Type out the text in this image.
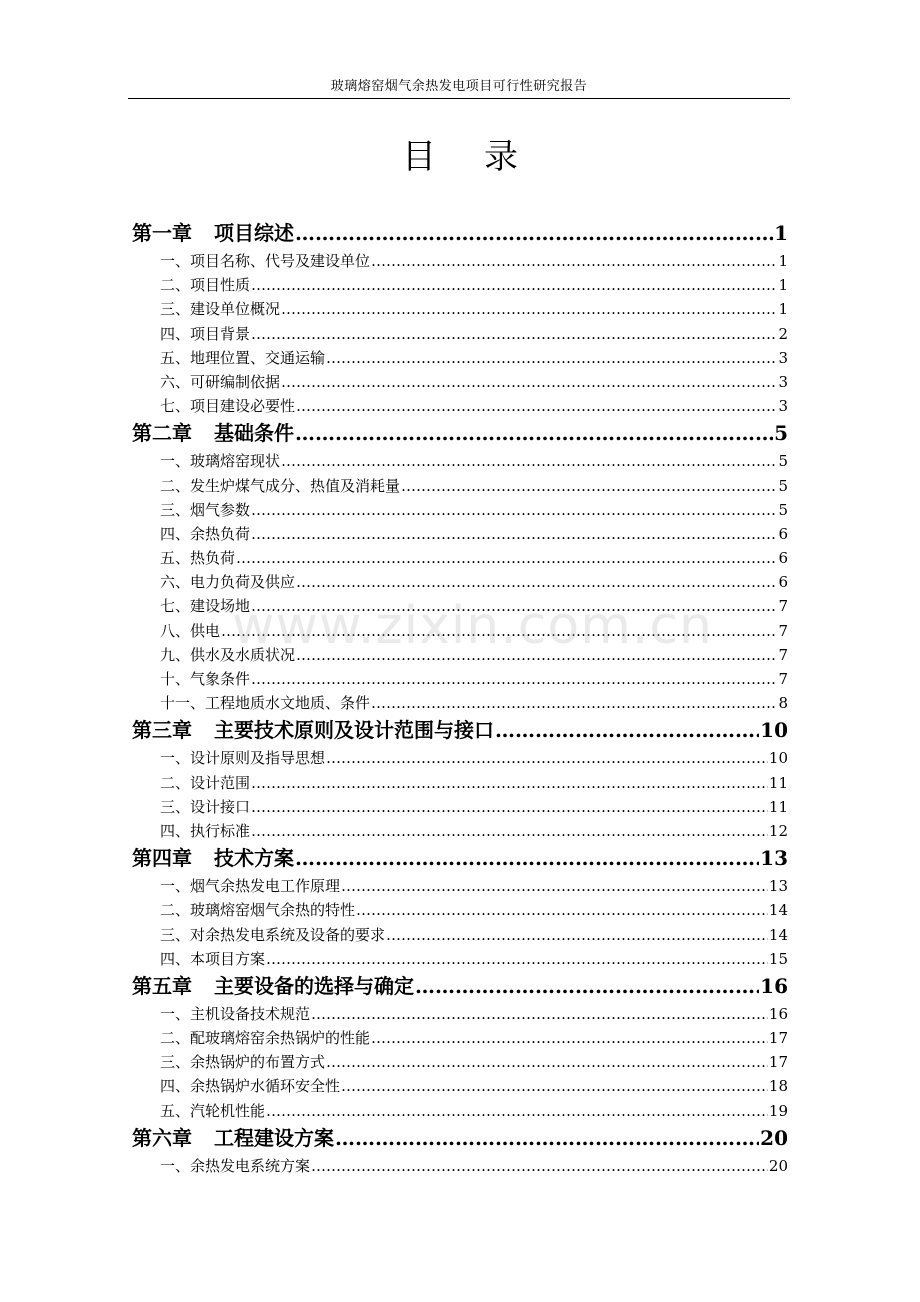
玻璃熔窑烟气余热发电项目可行性研究报告
目 录
第一章 项目综述 ……………………………………………………………………………………………………………………………………………………………………	1
一、项目名称、代号及建设单位 ……………………………………………………………………………………………………………………………………………………………………	1
二、项目性质 ……………………………………………………………………………………………………………………………………………………………………	1
三、建设单位概况 ……………………………………………………………………………………………………………………………………………………………………	1
四、项目背景 ……………………………………………………………………………………………………………………………………………………………………	2
五、地理位置、交通运输 ……………………………………………………………………………………………………………………………………………………………………	3
六、可研编制依据 ……………………………………………………………………………………………………………………………………………………………………	3
七、项目建设必要性 ……………………………………………………………………………………………………………………………………………………………………	3
第二章 基础条件 ……………………………………………………………………………………………………………………………………………………………………	5
一、玻璃熔窑现状 ……………………………………………………………………………………………………………………………………………………………………	5
二、发生炉煤气成分、热值及消耗量 ……………………………………………………………………………………………………………………………………………………………………	5
三、烟气参数 ……………………………………………………………………………………………………………………………………………………………………	5
四、余热负荷 ……………………………………………………………………………………………………………………………………………………………………	6
五、热负荷 ……………………………………………………………………………………………………………………………………………………………………	6
六、电力负荷及供应 ……………………………………………………………………………………………………………………………………………………………………	6
七、建设场地 ……………………………………………………………………………………………………………………………………………………………………	7
八、供电 ……………………………………………………………………………………………………………………………………………………………………	7
九、供水及水质状况 ……………………………………………………………………………………………………………………………………………………………………	7
十、气象条件 ……………………………………………………………………………………………………………………………………………………………………	7
十一、工程地质水文地质、条件 ……………………………………………………………………………………………………………………………………………………………………	8
第三章 主要技术原则及设计范围与接口 ……………………………………………………………………………………………………………………………………………………………………	10
一、设计原则及指导思想 ……………………………………………………………………………………………………………………………………………………………………	10
二、设计范围 ……………………………………………………………………………………………………………………………………………………………………	11
三、设计接口 ……………………………………………………………………………………………………………………………………………………………………	11
四、执行标准 ……………………………………………………………………………………………………………………………………………………………………	12
第四章 技术方案 ……………………………………………………………………………………………………………………………………………………………………	13
一、烟气余热发电工作原理 ……………………………………………………………………………………………………………………………………………………………………	13
二、玻璃熔窑烟气余热的特性 ……………………………………………………………………………………………………………………………………………………………………	14
三、对余热发电系统及设备的要求 ……………………………………………………………………………………………………………………………………………………………………	14
四、本项目方案 ……………………………………………………………………………………………………………………………………………………………………	15
第五章 主要设备的选择与确定 ……………………………………………………………………………………………………………………………………………………………………	16
一、主机设备技术规范 ……………………………………………………………………………………………………………………………………………………………………	16
二、配玻璃熔窑余热锅炉的性能 ……………………………………………………………………………………………………………………………………………………………………	17
三、余热锅炉的布置方式 ……………………………………………………………………………………………………………………………………………………………………	17
四、余热锅炉水循环安全性 ……………………………………………………………………………………………………………………………………………………………………	18
五、汽轮机性能 ……………………………………………………………………………………………………………………………………………………………………	19
第六章 工程建设方案 ……………………………………………………………………………………………………………………………………………………………………	20
一、余热发电系统方案 ……………………………………………………………………………………………………………………………………………………………………	20
www.zixin.com.cn
